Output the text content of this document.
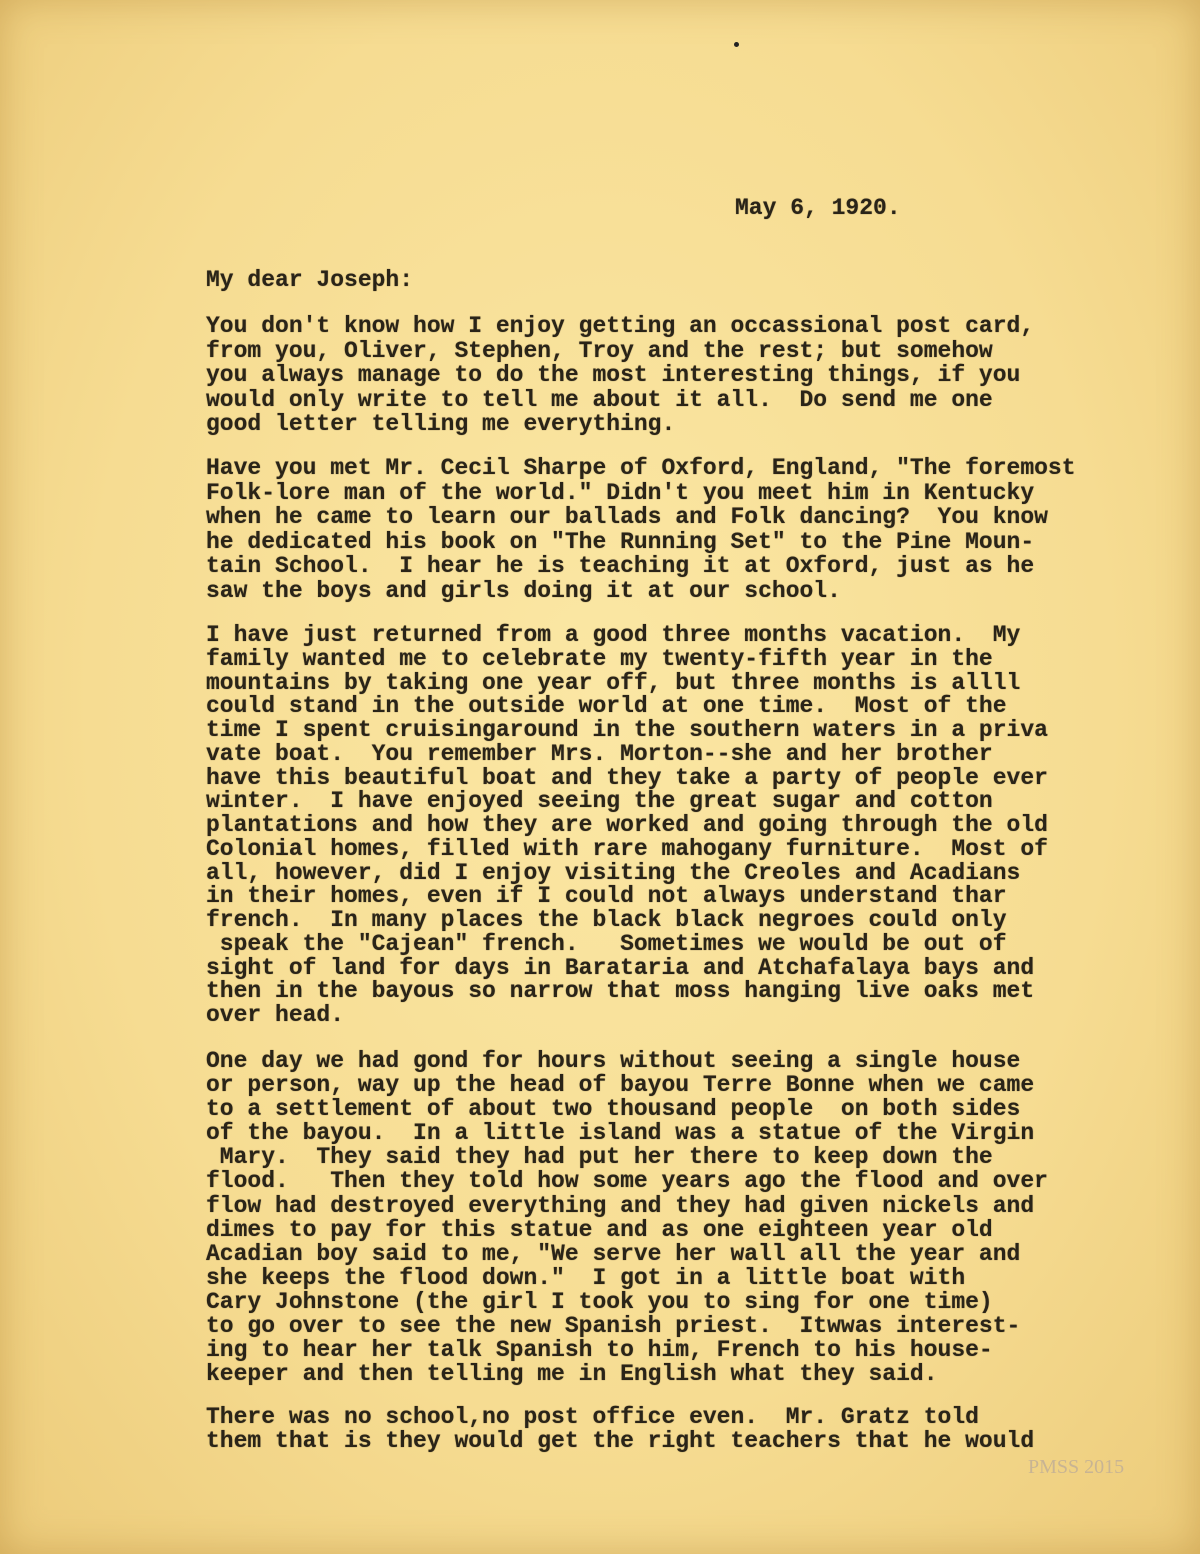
May 6, 1920.
My dear Joseph:
You don't know how I enjoy getting an occassional post card,
from you, Oliver, Stephen, Troy and the rest; but somehow
you always manage to do the most interesting things, if you
would only write to tell me about it all.  Do send me one
good letter telling me everything.
Have you met Mr. Cecil Sharpe of Oxford, England, "The foremost
Folk-lore man of the world." Didn't you meet him in Kentucky
when he came to learn our ballads and Folk dancing?  You know
he dedicated his book on "The Running Set" to the Pine Moun-
tain School.  I hear he is teaching it at Oxford, just as he
saw the boys and girls doing it at our school.
I have just returned from a good three months vacation.  My
family wanted me to celebrate my twenty-fifth year in the
mountains by taking one year off, but three months is allll
could stand in the outside world at one time.  Most of the
time I spent cruisingaround in the southern waters in a priva
vate boat.  You remember Mrs. Morton--she and her brother
have this beautiful boat and they take a party of people ever
winter.  I have enjoyed seeing the great sugar and cotton
plantations and how they are worked and going through the old
Colonial homes, filled with rare mahogany furniture.  Most of
all, however, did I enjoy visiting the Creoles and Acadians
in their homes, even if I could not always understand thar
french.  In many places the black black negroes could only
speak the "Cajean" french.   Sometimes we would be out of
sight of land for days in Barataria and Atchafalaya bays and
then in the bayous so narrow that moss hanging live oaks met
over head.
One day we had gond for hours without seeing a single house
or person, way up the head of bayou Terre Bonne when we came
to a settlement of about two thousand people  on both sides
of the bayou.  In a little island was a statue of the Virgin
Mary.  They said they had put her there to keep down the
flood.   Then they told how some years ago the flood and over
flow had destroyed everything and they had given nickels and
dimes to pay for this statue and as one eighteen year old
Acadian boy said to me, "We serve her wall all the year and
she keeps the flood down."  I got in a little boat with
Cary Johnstone (the girl I took you to sing for one time)
to go over to see the new Spanish priest.  Itwwas interest-
ing to hear her talk Spanish to him, French to his house-
keeper and then telling me in English what they said.
There was no school,no post office even.  Mr. Gratz told
them that is they would get the right teachers that he would
PMSS 2015
